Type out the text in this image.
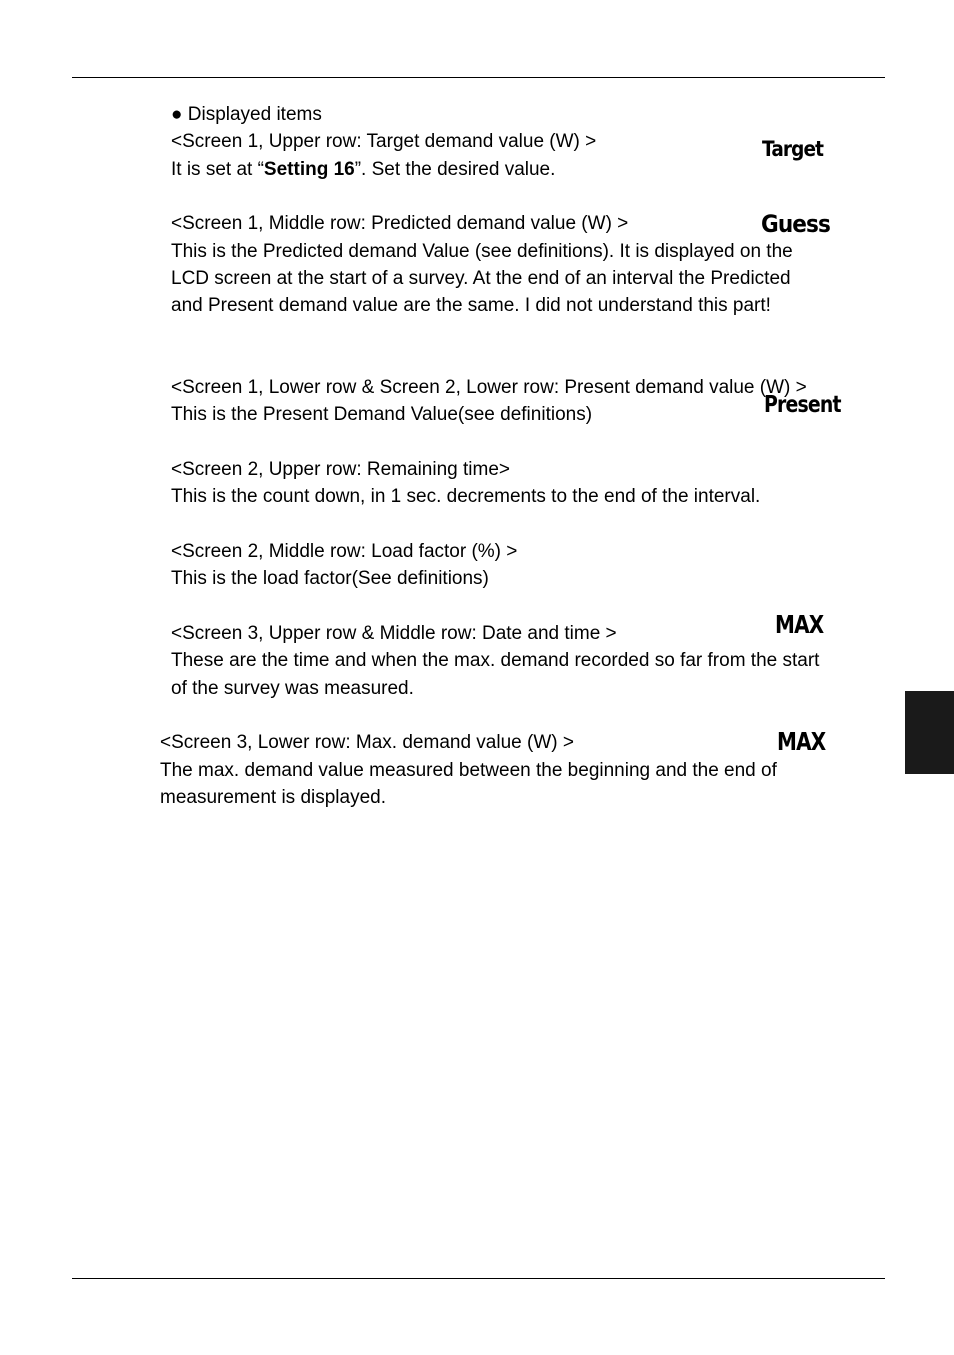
● Displayed items
<Screen 1, Upper row: Target demand value (W) >
It is set at “Setting 16”. Set the desired value.
Target
<Screen 1, Middle row: Predicted demand value (W) >
This is the Predicted demand Value (see definitions). It is displayed on the
LCD screen at the start of a survey. At the end of an interval the Predicted
and Present demand value are the same. I did not understand this part!
Guess
<Screen 1, Lower row & Screen 2, Lower row: Present demand value (W) >
This is the Present Demand Value(see definitions)	Present
<Screen 2, Upper row: Remaining time>
This is the count down, in 1 sec. decrements to the end of the interval.
<Screen 2, Middle row: Load factor (%) >
This is the load factor(See definitions)
<Screen 3, Upper row & Middle row: Date and time >
These are the time and when the max. demand recorded so far from the start
of the survey was measured.
MAX
<Screen 3, Lower row: Max. demand value (W) >
The max. demand value measured between the beginning and the end of
measurement is displayed.
MAX
